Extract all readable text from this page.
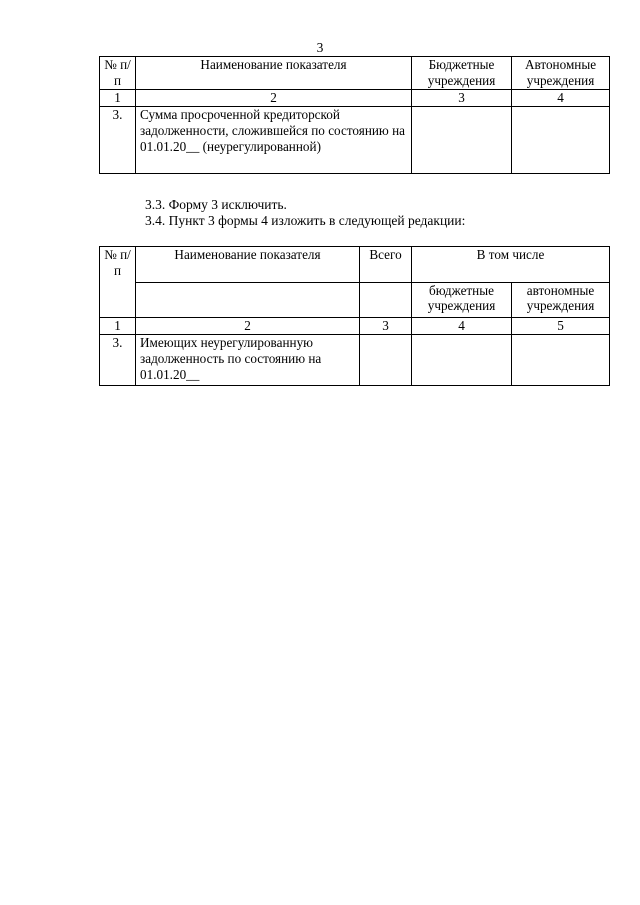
3
№ п/п	Наименование показателя	Бюджетные учреждения	Автономные учреждения
1	2	3	4
3.	Сумма просроченной кредиторской задолженности, сложившейся по состоянию на 01.01.20__ (неурегулированной)		
3.3. Форму 3 исключить.
3.4. Пункт 3 формы 4 изложить в следующей редакции:
№ п/п	Наименование показателя	Всего	В том числе	
			бюджетные учреждения	автономные учреждения
1	2	3	4	5
3.	Имеющих неурегулированную задолженность по состоянию на 01.01.20__			
